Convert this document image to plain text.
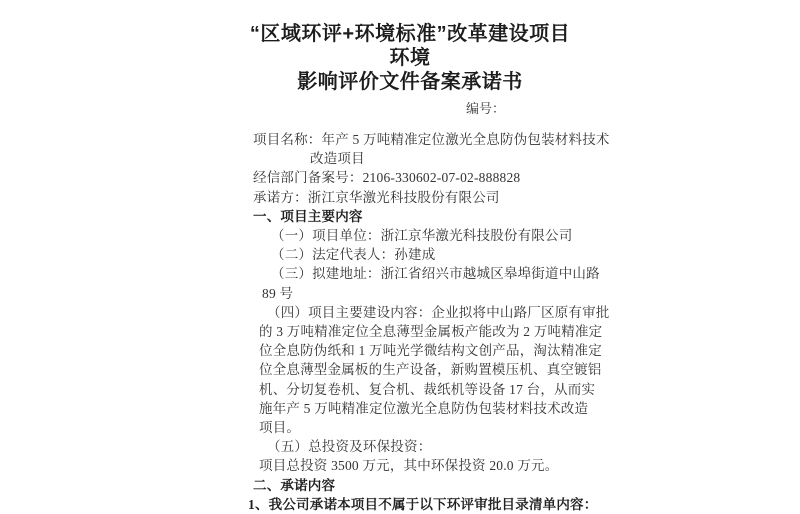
“区域环评+环境标准”改革建设项目环境
影响评价文件备案承诺书
编号：
项目名称：年产 5 万吨精准定位激光全息防伪包装材料技术
改造项目
经信部门备案号：2106-330602-07-02-888828
承诺方：浙江京华激光科技股份有限公司
一、项目主要内容
（一）项目单位：浙江京华激光科技股份有限公司
（二）法定代表人：孙建成
（三）拟建地址：浙江省绍兴市越城区皋埠街道中山路
89 号
（四）项目主要建设内容：企业拟将中山路厂区原有审批
的 3 万吨精准定位全息薄型金属板产能改为 2 万吨精准定
位全息防伪纸和 1 万吨光学微结构文创产品，淘汰精准定
位全息薄型金属板的生产设备，新购置模压机、真空镀铝
机、分切复卷机、复合机、裁纸机等设备 17 台，从而实
施年产 5 万吨精准定位激光全息防伪包装材料技术改造
项目。
（五）总投资及环保投资：
项目总投资 3500 万元，其中环保投资 20.0 万元。
二、承诺内容
1、我公司承诺本项目不属于以下环评审批目录清单内容：
